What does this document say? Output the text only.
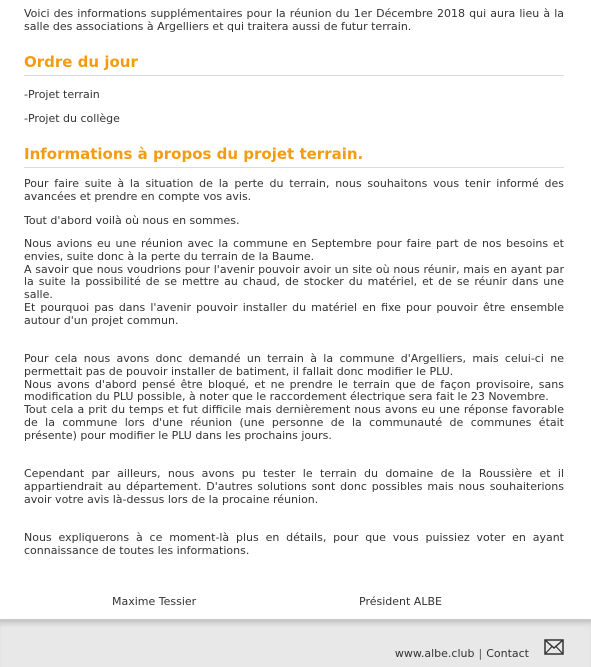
Voici des informations supplémentaires pour la réunion du 1er Décembre 2018 qui aura lieu à la salle des associations à Argelliers et qui traitera aussi de futur terrain.

Ordre du jour

-Projet terrain

-Projet du collège

Informations à propos du projet terrain.

Pour faire suite à la situation de la perte du terrain, nous souhaitons vous tenir informé des avancées et prendre en compte vos avis.

Tout d'abord voilà où nous en sommes.

Nous avions eu une réunion avec la commune en Septembre pour faire part de nos besoins et envies, suite donc à la perte du terrain de la Baume.

A savoir que nous voudrions pour l'avenir pouvoir avoir un site où nous réunir, mais en ayant par la suite la possibilité de se mettre au chaud, de stocker du matériel, et de se réunir dans une salle.

Et pourquoi pas dans l'avenir pouvoir installer du matériel en fixe pour pouvoir être ensemble autour d'un projet commun.

Pour cela nous avons donc demandé un terrain à la commune d'Argelliers, mais celui-ci ne permettait pas de pouvoir installer de batiment, il fallait donc modifier le PLU.

Nous avons d'abord pensé être bloqué, et ne prendre le terrain que de façon provisoire, sans modification du PLU possible, à noter que le raccordement électrique sera fait le 23 Novembre.

Tout cela a prit du temps et fut difficile mais dernièrement nous avons eu une réponse favorable de la commune lors d'une réunion (une personne de la communauté de communes était présente) pour modifier le PLU dans les prochains jours.

Cependant par ailleurs, nous avons pu tester le terrain du domaine de la Roussière et il appartiendrait au département. D'autres solutions sont donc possibles mais nous souhaiterions avoir votre avis là-dessus lors de la procaine réunion.

Nous expliquerons à ce moment-là plus en détails, pour que vous puissiez voter en ayant connaissance de toutes les informations.

Maxime Tessier	Président ALBE
www.albe.club | Contact
